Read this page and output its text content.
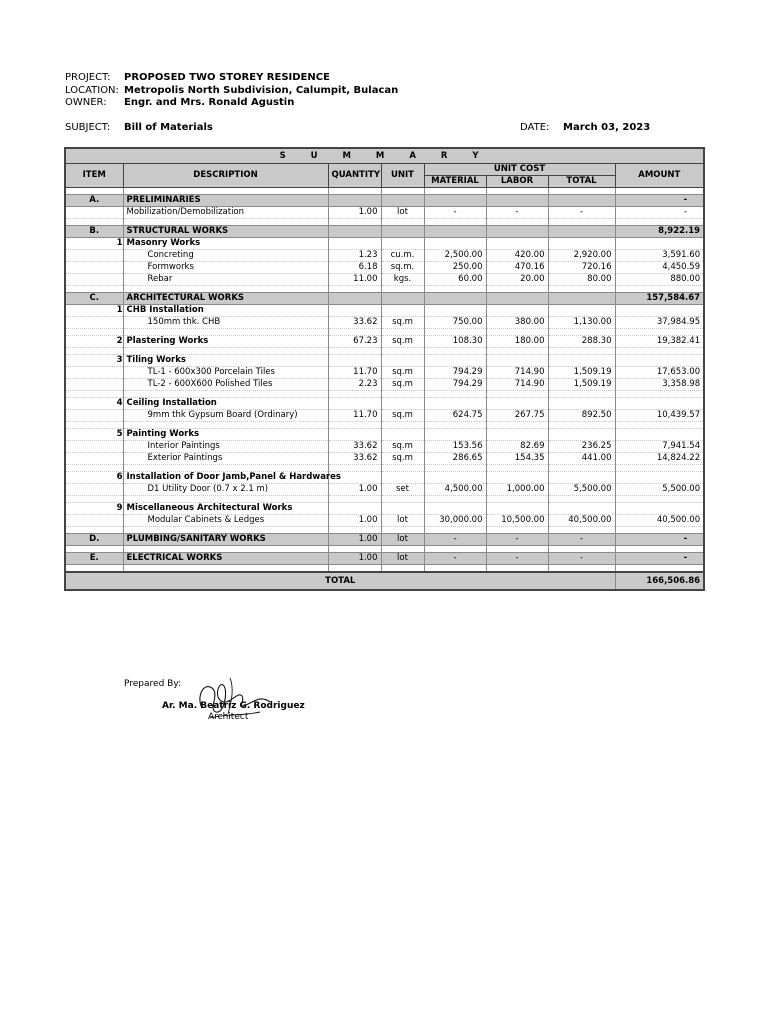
PROJECT: PROPOSED TWO STOREY RESIDENCE
LOCATION: Metropolis North Subdivision, Calumpit, Bulacan
OWNER: Engr. and Mrs. Ronald Agustin
SUBJECT: Bill of Materials	DATE: March 03, 2023
S U M M A R Y							
ITEM	DESCRIPTION	QUANTITY	UNIT	UNIT COST			AMOUNT
				MATERIAL	LABOR	TOTAL	

A.	PRELIMINARIES						-
	Mobilization/Demobilization	1.00	lot	-	-	-	-

B.	STRUCTURAL WORKS						8,922.19
	1 Masonry Works						
	Concreting	1.23	cu.m.	2,500.00	420.00	2,920.00	3,591.60
	Formworks	6.18	sq.m.	250.00	470.16	720.16	4,450.59
	Rebar	11.00	kgs.	60.00	20.00	80.00	880.00

C.	ARCHITECTURAL WORKS						157,584.67
	1 CHB Installation						
	150mm thk. CHB	33.62	sq.m	750.00	380.00	1,130.00	37,984.95

	2 Plastering Works	67.23	sq.m	108.30	180.00	288.30	19,382.41

	3 Tiling Works						
	TL-1 - 600x300 Porcelain Tiles	11.70	sq.m	794.29	714.90	1,509.19	17,653.00
	TL-2 - 600X600 Polished Tiles	2.23	sq.m	794.29	714.90	1,509.19	3,358.98

	4 Ceiling Installation						
	9mm thk Gypsum Board (Ordinary)	11.70	sq.m	624.75	267.75	892.50	10,439.57

	5 Painting Works						
	Interior Paintings	33.62	sq.m	153.56	82.69	236.25	7,941.54
	Exterior Paintings	33.62	sq.m	286.65	154.35	441.00	14,824.22

	6 Installation of Door Jamb,Panel & Hardwares						
	D1 Utility Door (0.7 x 2.1 m)	1.00	set	4,500.00	1,000.00	5,500.00	5,500.00

	9 Miscellaneous Architectural Works						
	Modular Cabinets & Ledges	1.00	lot	30,000.00	10,500.00	40,500.00	40,500.00

D.	PLUMBING/SANITARY WORKS	1.00	lot	-	-	-	-

E.	ELECTRICAL WORKS	1.00	lot	-	-	-	-

TOTAL							166,506.86
Prepared By:
Ar. Ma. Beatriz G. Rodriguez
Architect
